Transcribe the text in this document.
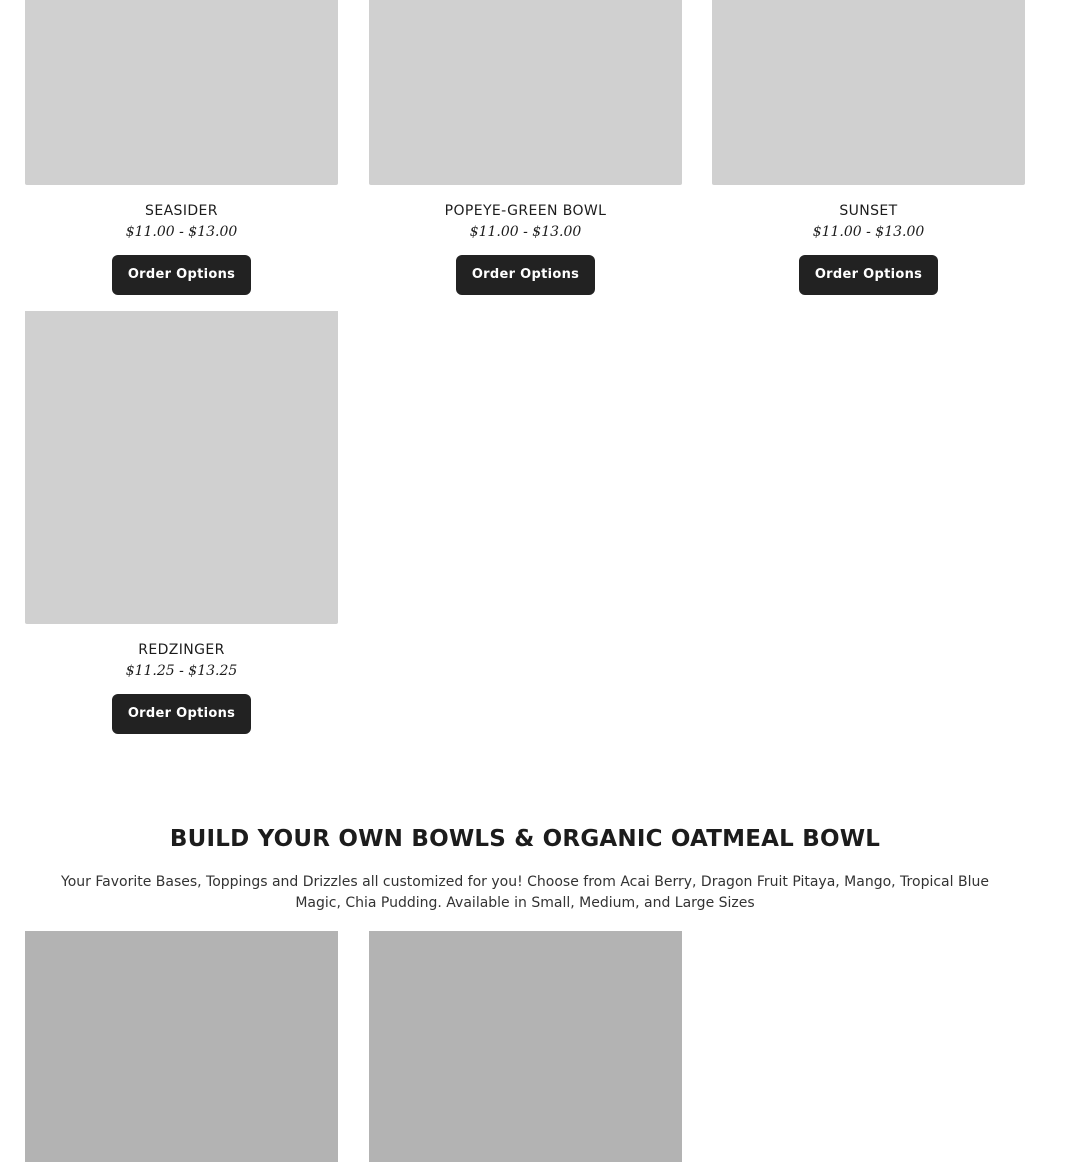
SEASIDER
$11.00 - $13.00
Order Options
POPEYE-GREEN BOWL
$11.00 - $13.00
Order Options
SUNSET
$11.00 - $13.00
Order Options
REDZINGER
$11.25 - $13.25
Order Options
BUILD YOUR OWN BOWLS & ORGANIC OATMEAL BOWL

Your Favorite Bases, Toppings and Drizzles all customized for you! Choose from Acai Berry, Dragon Fruit Pitaya, Mango, Tropical Blue Magic, Chia Pudding. Available in Small, Medium, and Large Sizes
